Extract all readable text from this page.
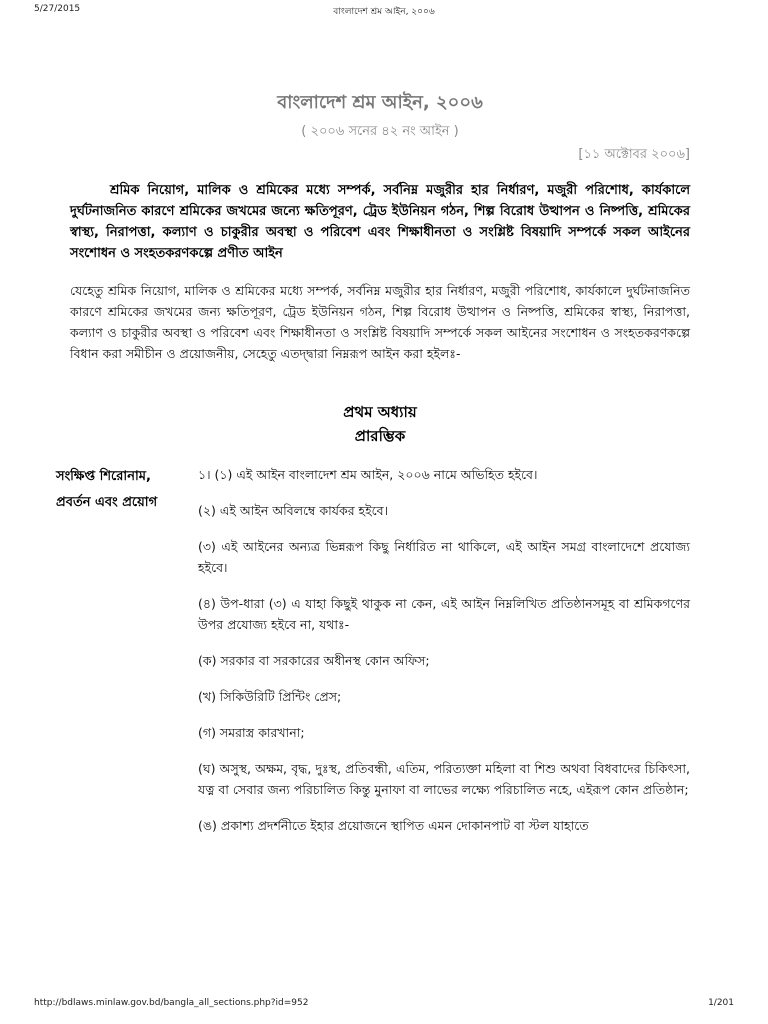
5/27/2015	বাংলাদেশ শ্রম আইন, ২০০৬
বাংলাদেশ শ্রম আইন, ২০০৬
( ২০০৬ সনের ৪২ নং আইন )
[১১ অক্টোবর ২০০৬]
শ্রমিক নিয়োগ, মালিক ও শ্রমিকের মধ্যে সম্পর্ক, সর্বনিম্ন মজুরীর হার নির্ধারণ, মজুরী পরিশোধ, কার্যকালে দুর্ঘটনাজনিত কারণে শ্রমিকের জখমের জন্যে ক্ষতিপূরণ, ট্রেড ইউনিয়ন গঠন, শিল্প বিরোধ উত্থাপন ও নিষ্পত্তি, শ্রমিকের স্বাস্থ্য, নিরাপত্তা, কল্যাণ ও চাকুরীর অবস্থা ও পরিবেশ এবং শিক্ষাধীনতা ও সংশ্লিষ্ট বিষয়াদি সম্পর্কে সকল আইনের সংশোধন ও সংহতকরণকল্পে প্রণীত আইন
যেহেতু শ্রমিক নিয়োগ, মালিক ও শ্রমিকের মধ্যে সম্পর্ক, সর্বনিম্ন মজুরীর হার নির্ধারণ, মজুরী পরিশোধ, কার্যকালে দুর্ঘটনাজনিত কারণে শ্রমিকের জখমের জন্য ক্ষতিপূরণ, ট্রেড ইউনিয়ন গঠন, শিল্প বিরোধ উত্থাপন ও নিষ্পত্তি, শ্রমিকের স্বাস্থ্য, নিরাপত্তা, কল্যাণ ও চাকুরীর অবস্থা ও পরিবেশ এবং শিক্ষাধীনতা ও সংশ্লিষ্ট বিষয়াদি সম্পর্কে সকল আইনের সংশোধন ও সংহতকরণকল্পে বিধান করা সমীচীন ও প্রয়োজনীয়, সেহেতু এতদ্দ্বারা নিম্নরূপ আইন করা হইলঃ-
প্রথম অধ্যায়
প্রারম্ভিক
সংক্ষিপ্ত শিরোনাম, প্রবর্তন এবং প্রয়োগ

১। (১) এই আইন বাংলাদেশ শ্রম আইন, ২০০৬ নামে অভিহিত হইবে।

(২) এই আইন অবিলম্বে কার্যকর হইবে।

(৩) এই আইনের অন্যত্র ভিন্নরূপ কিছু নির্ধারিত না থাকিলে, এই আইন সমগ্র বাংলাদেশে প্রযোজ্য হইবে।

(৪) উপ-ধারা (৩) এ যাহা কিছুই থাকুক না কেন, এই আইন নিম্নলিখিত প্রতিষ্ঠানসমূহ বা শ্রমিকগণের উপর প্রযোজ্য হইবে না, যথাঃ-

(ক) সরকার বা সরকারের অধীনস্থ কোন অফিস;

(খ) সিকিউরিটি প্রিন্টিং প্রেস;

(গ) সমরাস্ত্র কারখানা;

(ঘ) অসুস্থ, অক্ষম, বৃদ্ধ, দুঃস্থ, প্রতিবন্ধী, এতিম, পরিত্যক্তা মহিলা বা শিশু অথবা বিধবাদের চিকিৎসা, যত্ন বা সেবার জন্য পরিচালিত কিন্তু মুনাফা বা লাভের লক্ষ্যে পরিচালিত নহে, এইরূপ কোন প্রতিষ্ঠান;

(ঙ) প্রকাশ্য প্রদর্শনীতে ইহার প্রয়োজনে স্থাপিত এমন দোকানপাট বা স্টল যাহাতে

http://bdlaws.minlaw.gov.bd/bangla_all_sections.php?id=952	1/201
